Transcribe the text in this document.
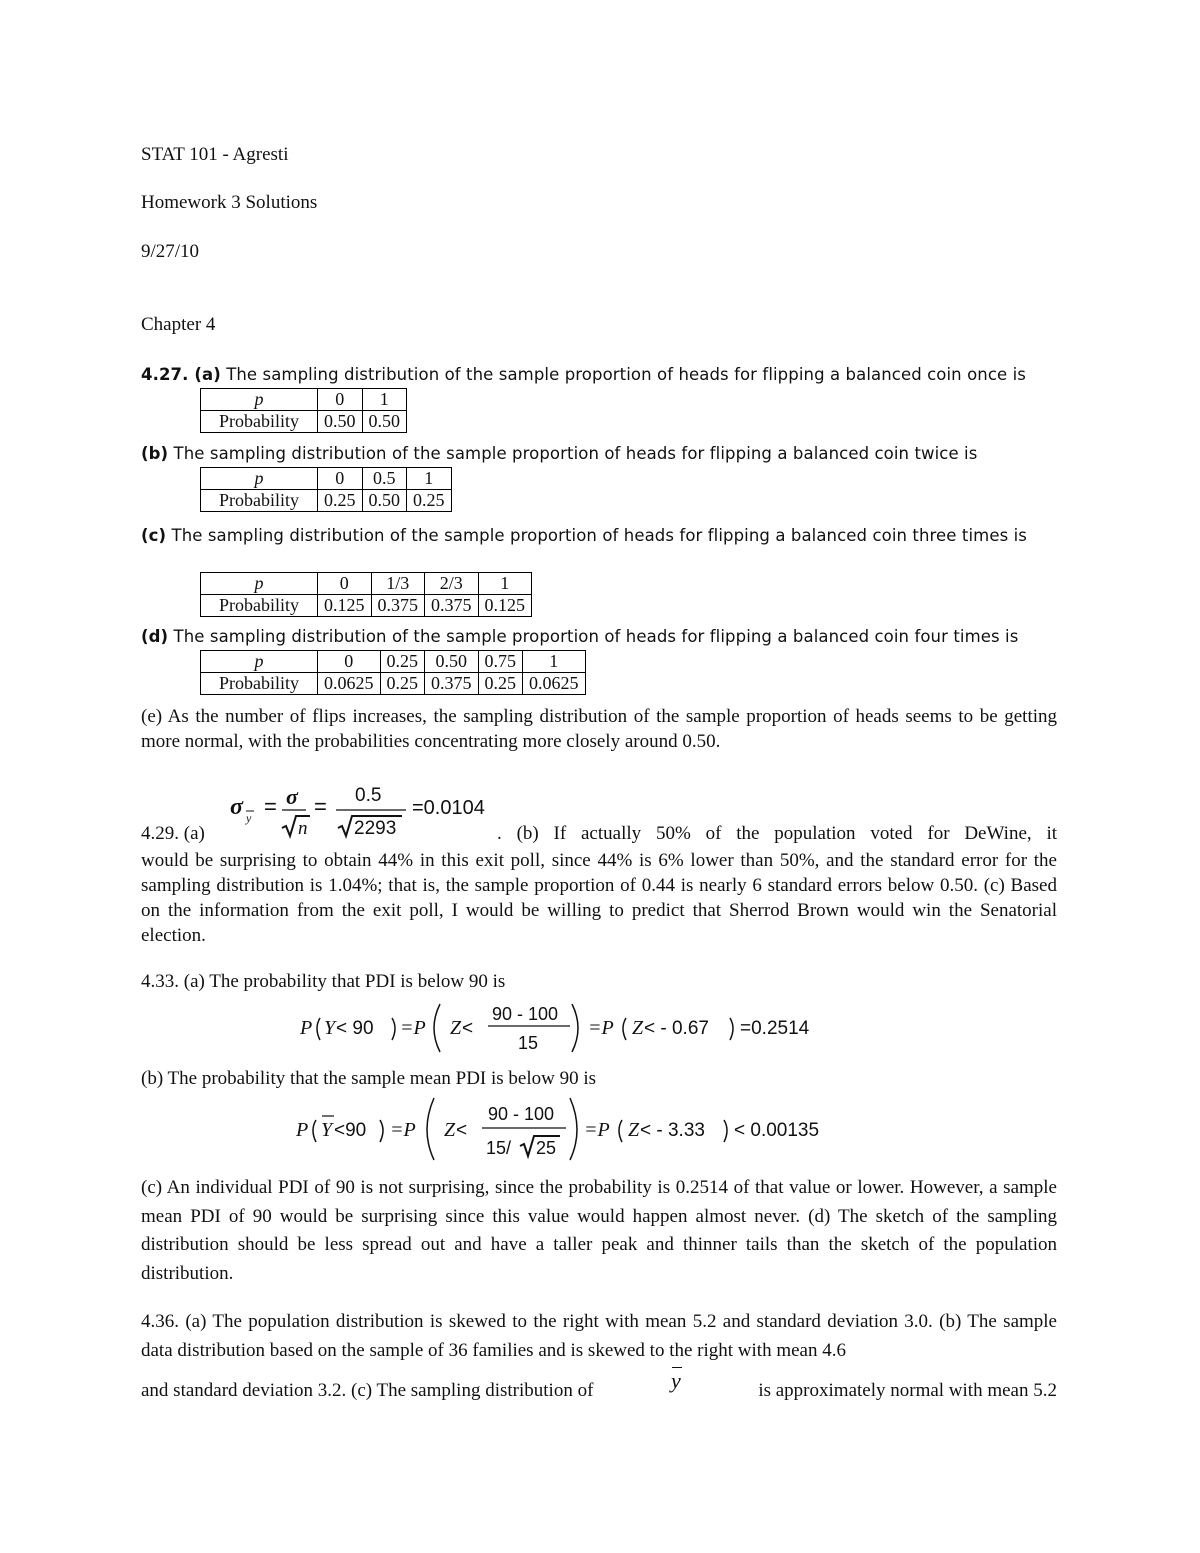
STAT 101 - Agresti
Homework 3 Solutions
9/27/10
Chapter 4
4.27. (a) The sampling distribution of the sample proportion of heads for flipping a balanced coin once is
p	0	1
Probability	0.50	0.50
(b) The sampling distribution of the sample proportion of heads for flipping a balanced coin twice is
p	0	0.5	1
Probability	0.25	0.50	0.25
(c) The sampling distribution of the sample proportion of heads for flipping a balanced coin three times is
p	0	1/3	2/3	1
Probability	0.125	0.375	0.375	0.125
(d) The sampling distribution of the sample proportion of heads for flipping a balanced coin four times is
p	0	0.25	0.50	0.75	1
Probability	0.0625	0.25	0.375	0.25	0.0625
(e) As the number of flips increases, the sampling distribution of the sample proportion of heads seems to be getting more normal, with the probabilities concentrating more closely around 0.50.
σ y = σ
n
= 0.5
2293
=0.0104
4.29. (a)	. (b) If actually 50% of the population voted for DeWine, it
would be surprising to obtain 44% in this exit poll, since 44% is 6% lower than 50%, and the standard error for the sampling distribution is 1.04%; that is, the sample proportion of 0.44 is nearly 6 standard errors below 0.50. (c) Based on the information from the exit poll, I would be willing to predict that Sherrod Brown would win the Senatorial election.
4.33. (a) The probability that PDI is below 90 is
P Y < 90 =P Z <
90 - 100
15
=P Z < - 0.67 =0.2514
(b) The probability that the sample mean PDI is below 90 is
P Y <90 =P Z <
90 - 100
15/ 25
=P Z < - 3.33 < 0.00135
(c) An individual PDI of 90 is not surprising, since the probability is 0.2514 of that value or lower. However, a sample mean PDI of 90 would be surprising since this value would happen almost never. (d) The sketch of the sampling distribution should be less spread out and have a taller peak and thinner tails than the sketch of the population distribution.
4.36. (a) The population distribution is skewed to the right with mean 5.2 and standard deviation 3.0. (b) The sample data distribution based on the sample of 36 families and is skewed to the right with mean 4.6
and standard deviation 3.2. (c) The sampling distribution of	y	is approximately normal with mean 5.2
